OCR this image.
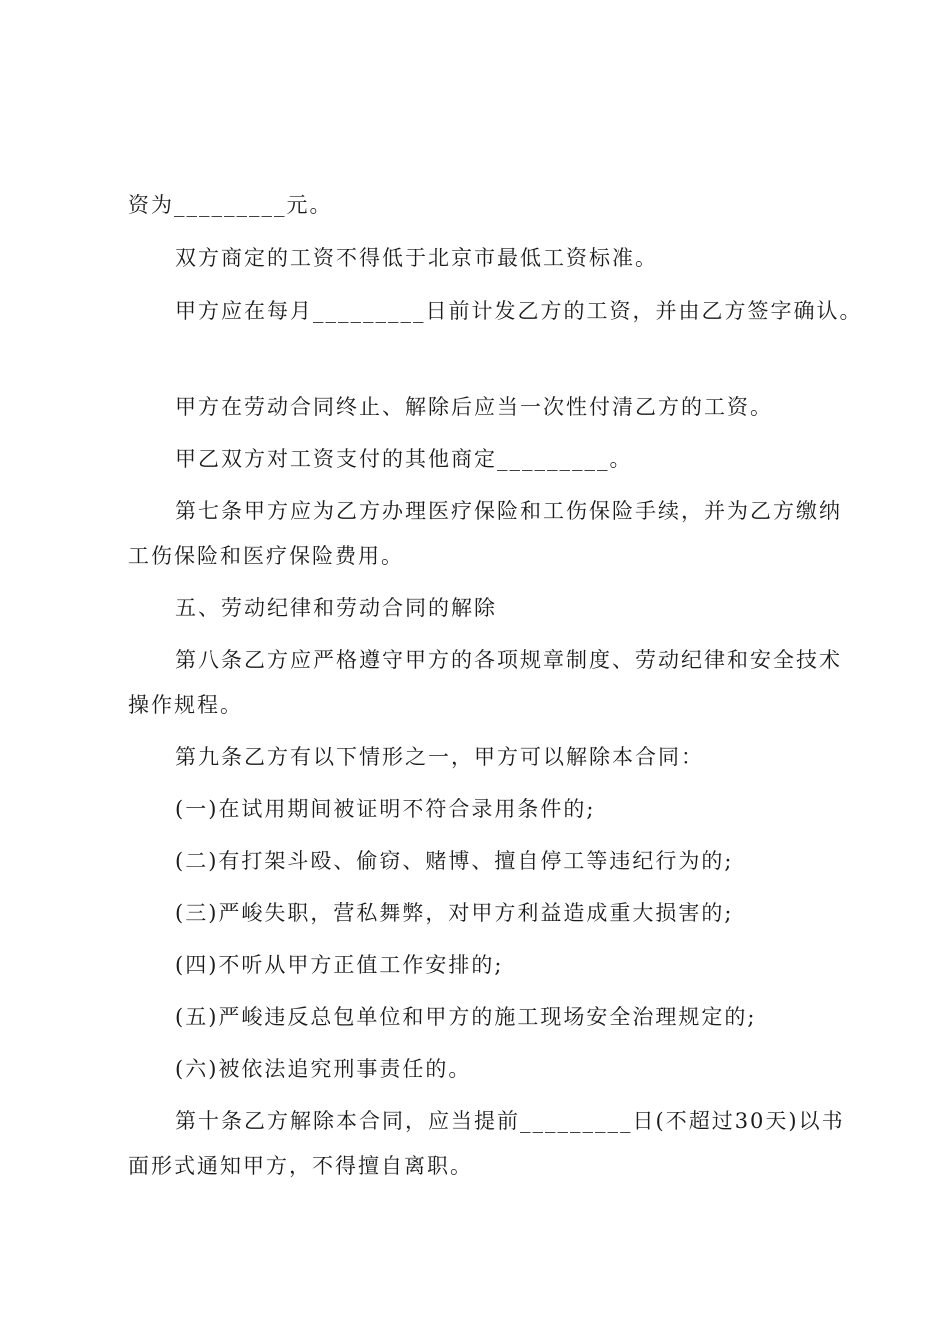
资为_________元。
双方商定的工资不得低于北京市最低工资标准。
甲方应在每月_________日前计发乙方的工资，并由乙方签字确认。
甲方在劳动合同终止、解除后应当一次性付清乙方的工资。
甲乙双方对工资支付的其他商定_________。
第七条甲方应为乙方办理医疗保险和工伤保险手续，并为乙方缴纳
工伤保险和医疗保险费用。
五、劳动纪律和劳动合同的解除
第八条乙方应严格遵守甲方的各项规章制度、劳动纪律和安全技术
操作规程。
第九条乙方有以下情形之一，甲方可以解除本合同：
(一)在试用期间被证明不符合录用条件的;
(二)有打架斗殴、偷窃、赌博、擅自停工等违纪行为的;
(三)严峻失职，营私舞弊，对甲方利益造成重大损害的;
(四)不听从甲方正值工作安排的;
(五)严峻违反总包单位和甲方的施工现场安全治理规定的;
(六)被依法追究刑事责任的。
第十条乙方解除本合同，应当提前_________日(不超过30天)以书
面形式通知甲方，不得擅自离职。
